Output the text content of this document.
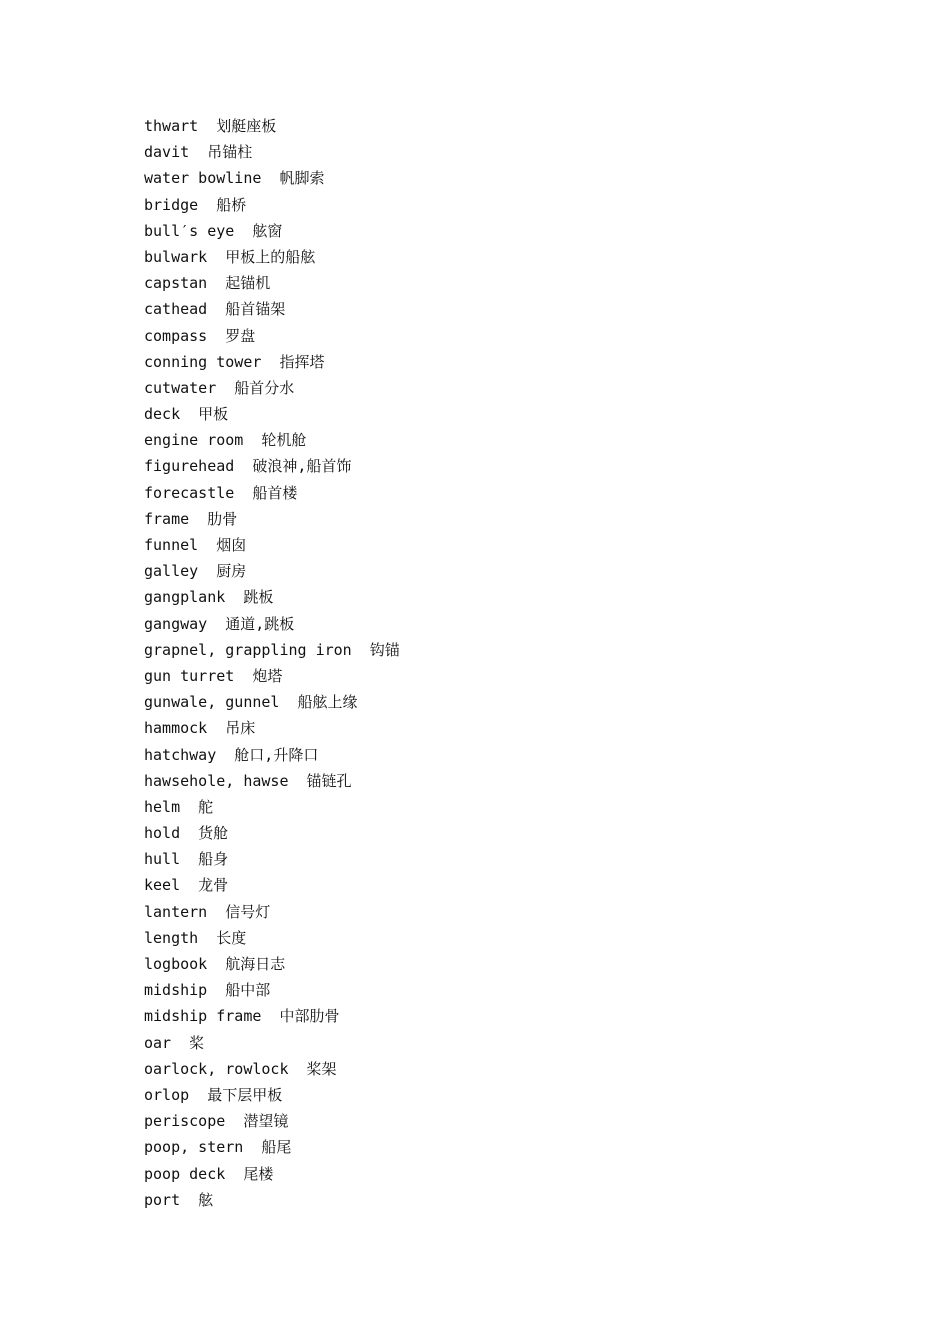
thwart  划艇座板
davit  吊锚柱
water bowline  帆脚索
bridge  船桥
bull′s eye  舷窗
bulwark  甲板上的船舷
capstan  起锚机
cathead  船首锚架
compass  罗盘
conning tower  指挥塔
cutwater  船首分水
deck  甲板
engine room  轮机舱
figurehead  破浪神,船首饰
forecastle  船首楼
frame  肋骨
funnel  烟囱
galley  厨房
gangplank  跳板
gangway  通道,跳板
grapnel, grappling iron  钩锚
gun turret  炮塔
gunwale, gunnel  船舷上缘
hammock  吊床
hatchway  舱口,升降口
hawsehole, hawse  锚链孔
helm  舵
hold  货舱
hull  船身
keel  龙骨
lantern  信号灯
length  长度
logbook  航海日志
midship  船中部
midship frame  中部肋骨
oar  桨
oarlock, rowlock  桨架
orlop  最下层甲板
periscope  潜望镜
poop, stern  船尾
poop deck  尾楼
port  舷
